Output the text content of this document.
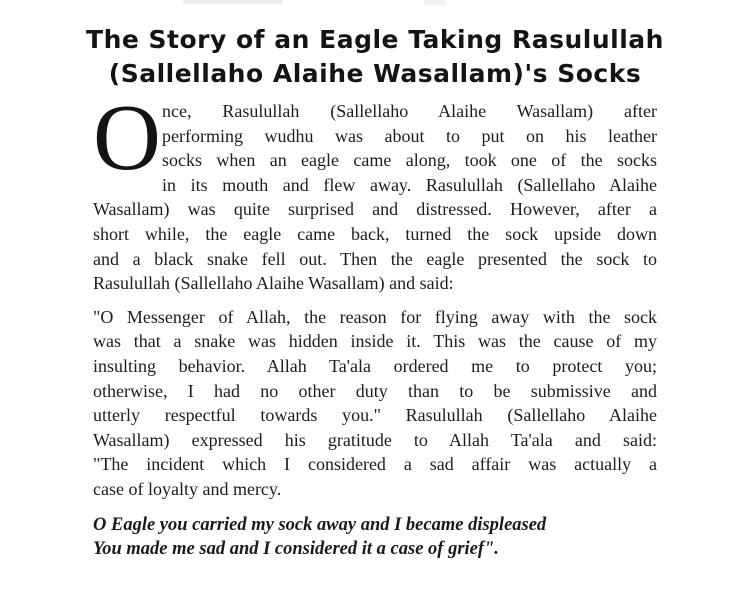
The Story of an Eagle Taking Rasulullah
(Sallellaho Alaihe Wasallam)'s Socks
O nce, Rasulullah (Sallellaho Alaihe Wasallam) after
performing wudhu was about to put on his leather
socks when an eagle came along, took one of the socks
in its mouth and flew away. Rasulullah (Sallellaho Alaihe
Wasallam) was quite surprised and distressed. However, after a
short while, the eagle came back, turned the sock upside down
and a black snake fell out. Then the eagle presented the sock to
Rasulullah (Sallellaho Alaihe Wasallam) and said:
"O Messenger of Allah, the reason for flying away with the sock
was that a snake was hidden inside it. This was the cause of my
insulting behavior. Allah Ta'ala ordered me to protect you;
otherwise, I had no other duty than to be submissive and
utterly respectful towards you." Rasulullah (Sallellaho Alaihe
Wasallam) expressed his gratitude to Allah Ta'ala and said:
"The incident which I considered a sad affair was actually a
case of loyalty and mercy.
O Eagle you carried my sock away and I became displeased
You made me sad and I considered it a case of grief".
